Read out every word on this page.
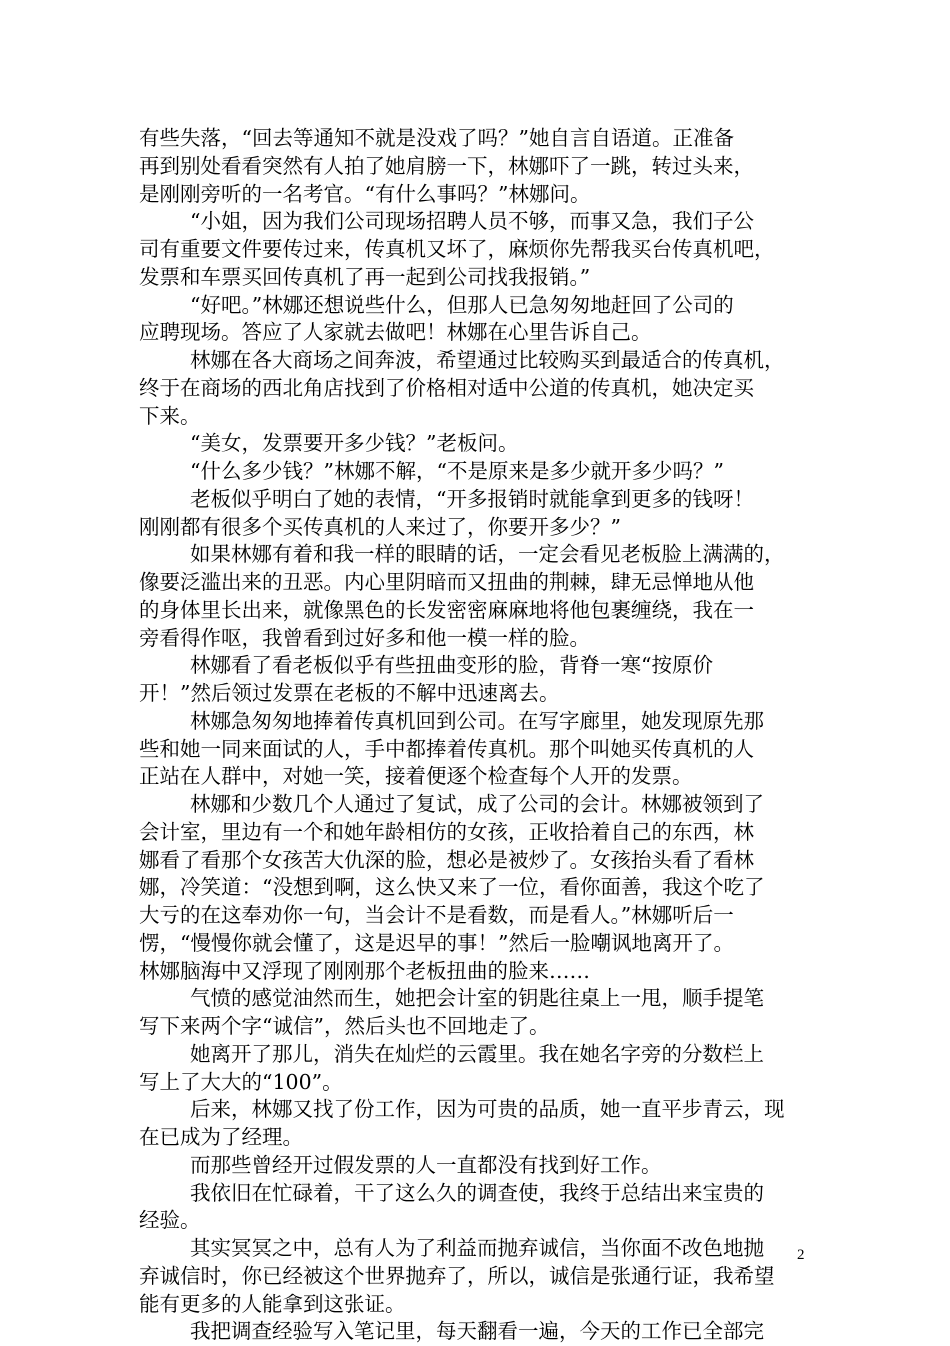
有些失落，“回去等通知不就是没戏了吗？”她自言自语道。正准备
再到别处看看突然有人拍了她肩膀一下，林娜吓了一跳，转过头来，
是刚刚旁听的一名考官。“有什么事吗？”林娜问。
“小姐，因为我们公司现场招聘人员不够，而事又急，我们子公
司有重要文件要传过来，传真机又坏了，麻烦你先帮我买台传真机吧，
发票和车票买回传真机了再一起到公司找我报销。”
“好吧。”林娜还想说些什么，但那人已急匆匆地赶回了公司的
应聘现场。答应了人家就去做吧！林娜在心里告诉自己。
林娜在各大商场之间奔波，希望通过比较购买到最适合的传真机，
终于在商场的西北角店找到了价格相对适中公道的传真机，她决定买
下来。
“美女，发票要开多少钱？”老板问。
“什么多少钱？”林娜不解，“不是原来是多少就开多少吗？”
老板似乎明白了她的表情，“开多报销时就能拿到更多的钱呀！
刚刚都有很多个买传真机的人来过了，你要开多少？”
如果林娜有着和我一样的眼睛的话，一定会看见老板脸上满满的，
像要泛滥出来的丑恶。内心里阴暗而又扭曲的荆棘，肆无忌惮地从他
的身体里长出来，就像黑色的长发密密麻麻地将他包裹缠绕，我在一
旁看得作呕，我曾看到过好多和他一模一样的脸。
林娜看了看老板似乎有些扭曲变形的脸，背脊一寒“按原价
开！”然后领过发票在老板的不解中迅速离去。
林娜急匆匆地捧着传真机回到公司。在写字廊里，她发现原先那
些和她一同来面试的人，手中都捧着传真机。那个叫她买传真机的人
正站在人群中，对她一笑，接着便逐个检查每个人开的发票。
林娜和少数几个人通过了复试，成了公司的会计。林娜被领到了
会计室，里边有一个和她年龄相仿的女孩，正收拾着自己的东西，林
娜看了看那个女孩苦大仇深的脸，想必是被炒了。女孩抬头看了看林
娜，冷笑道：“没想到啊，这么快又来了一位，看你面善，我这个吃了
大亏的在这奉劝你一句，当会计不是看数，而是看人。”林娜听后一
愣，“慢慢你就会懂了，这是迟早的事！”然后一脸嘲讽地离开了。
林娜脑海中又浮现了刚刚那个老板扭曲的脸来……
气愤的感觉油然而生，她把会计室的钥匙往桌上一甩，顺手提笔
写下来两个字“诚信”，然后头也不回地走了。
她离开了那儿，消失在灿烂的云霞里。我在她名字旁的分数栏上
写上了大大的“100”。
后来，林娜又找了份工作，因为可贵的品质，她一直平步青云，现
在已成为了经理。
而那些曾经开过假发票的人一直都没有找到好工作。
我依旧在忙碌着，干了这么久的调查使，我终于总结出来宝贵的
经验。
其实冥冥之中，总有人为了利益而抛弃诚信，当你面不改色地抛
弃诚信时，你已经被这个世界抛弃了，所以，诚信是张通行证，我希望
能有更多的人能拿到这张证。
我把调查经验写入笔记里，每天翻看一遍，今天的工作已全部完
2
